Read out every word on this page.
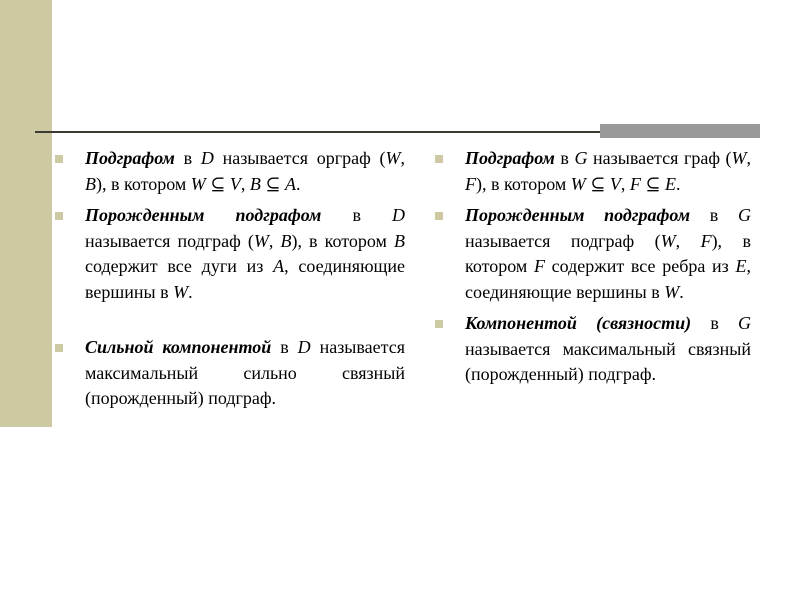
Подграфом в D называется орграф (W, B), в котором W ⊆ V, B ⊆ A.
Порожденным подграфом в D называется подграф (W, B), в котором B содержит все дуги из A, соединяющие вершины в W.
Сильной компонентой в D называется максимальный сильно связный (порожденный) подграф.
Подграфом в G называется граф (W, F), в котором W ⊆ V, F ⊆ E.
Порожденным подграфом в G называется подграф (W, F), в котором F содержит все ребра из E, соединяющие вершины в W.
Компонентой (связности) в G называется максимальный связный (порожденный) подграф.
